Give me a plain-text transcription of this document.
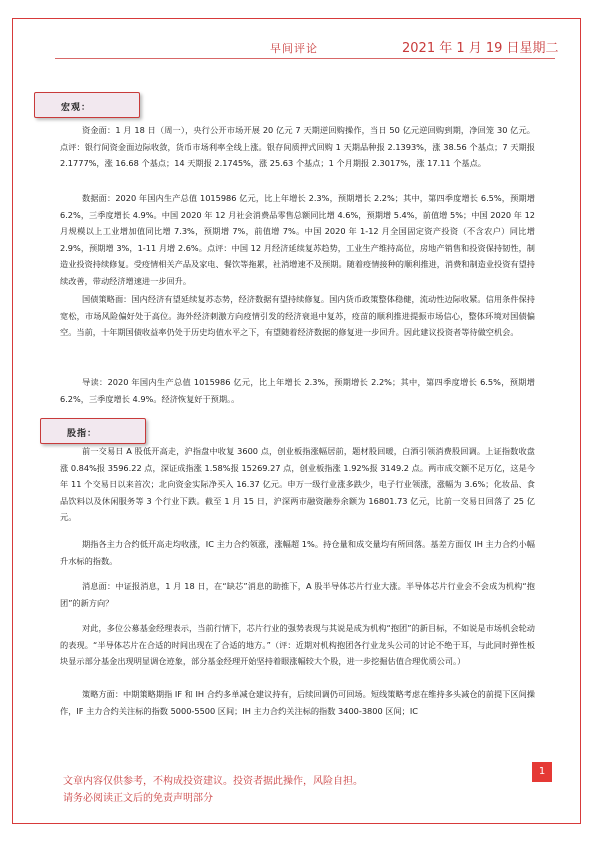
早间评论	2021 年 1 月 19 日星期二
宏观：
资金面：1 月 18 日（周一），央行公开市场开展 20 亿元 7 天期逆回购操作，当日 50 亿元逆回购到期，净回笼 30 亿元。点评：银行间资金面边际收敛，货币市场利率全线上涨。银存间质押式回购 1 天期品种报 2.1393%，涨 38.56 个基点；7 天期报 2.1777%，涨 16.68 个基点；14 天期报 2.1745%，涨 25.63 个基点；1 个月期报 2.3017%，涨 17.11 个基点。
数据面：2020 年国内生产总值 1015986 亿元，比上年增长 2.3%，预期增长 2.2%；其中，第四季度增长 6.5%，预期增 6.2%，三季度增长 4.9%。中国 2020 年 12 月社会消费品零售总额同比增 4.6%，预期增 5.4%，前值增 5%；中国 2020 年 12 月规模以上工业增加值同比增 7.3%，预期增 7%，前值增 7%。中国 2020 年 1-12 月全国固定资产投资（不含农户）同比增 2.9%，预期增 3%，1-11 月增 2.6%。点评：中国 12 月经济延续复苏趋势，工业生产维持高位，房地产销售和投资保持韧性，制造业投资持续修复。受疫情相关产品及家电、餐饮等拖累，社消增速不及预期。随着疫情接种的顺利推进，消费和制造业投资有望持续改善，带动经济增速进一步回升。
国债策略面：国内经济有望延续复苏态势，经济数据有望持续修复。国内货币政策整体稳健，流动性边际收紧。信用条件保持宽松，市场风险偏好处于高位。海外经济刺激方向疫情引发的经济衰退中复苏，疫苗的顺利推进提振市场信心，整体环境对国债偏空。当前，十年期国债收益率仍处于历史均值水平之下，有望随着经济数据的修复进一步回升。因此建议投资者等待做空机会。
导读：2020 年国内生产总值 1015986 亿元，比上年增长 2.3%，预期增长 2.2%；其中，第四季度增长 6.5%，预期增 6.2%，三季度增长 4.9%。经济恢复好于预期。。
股指：
前一交易日 A 股低开高走，沪指盘中收复 3600 点，创业板指涨幅居前，题材股回暖，白酒引领消费股回调。上证指数收盘涨 0.84%报 3596.22 点，深证成指涨 1.58%报 15269.27 点，创业板指涨 1.92%报 3149.2 点。两市成交额不足万亿，这是今年 11 个交易日以来首次；北向资金实际净买入 16.37 亿元。申万一级行业涨多跌少，电子行业领涨，涨幅为 3.6%；化妆品、食品饮料以及休闲服务等 3 个行业下跌。截至 1 月 15 日，沪深两市融资融券余额为 16801.73 亿元，比前一交易日回落了 25 亿元。
期指各主力合约低开高走均收涨，IC 主力合约领涨，涨幅超 1%。持仓量和成交量均有所回落。基差方面仅 IH 主力合约小幅升水标的指数。
消息面：中证报消息，1 月 18 日，在“缺芯”消息的助推下，A 股半导体芯片行业大涨。半导体芯片行业会不会成为机构“抱团”的新方向？
对此，多位公募基金经理表示，当前行情下，芯片行业的强势表现与其说是成为机构“抱团”的新目标，不如说是市场机会轮动的表现。“半导体芯片在合适的时间出现在了合适的地方。”（评：近期对机构抱团各行业龙头公司的讨论不绝于耳，与此同时弹性板块显示部分基金出现明显调仓迹象，部分基金经理开始坚持着眼涨幅较大个股，进一步挖掘估值合理优质公司。）
策略方面：中期策略期指 IF 和 IH 合约多单减仓建议持有，后续回调仍可回场。短线策略考虑在维持多头减仓的前提下区间操作，IF 主力合约关注标的指数 5000-5500 区间；IH 主力合约关注标的指数 3400-3800 区间；IC
文章内容仅供参考，不构成投资建议。投资者据此操作，风险自担。
请务必阅读正文后的免责声明部分
1
